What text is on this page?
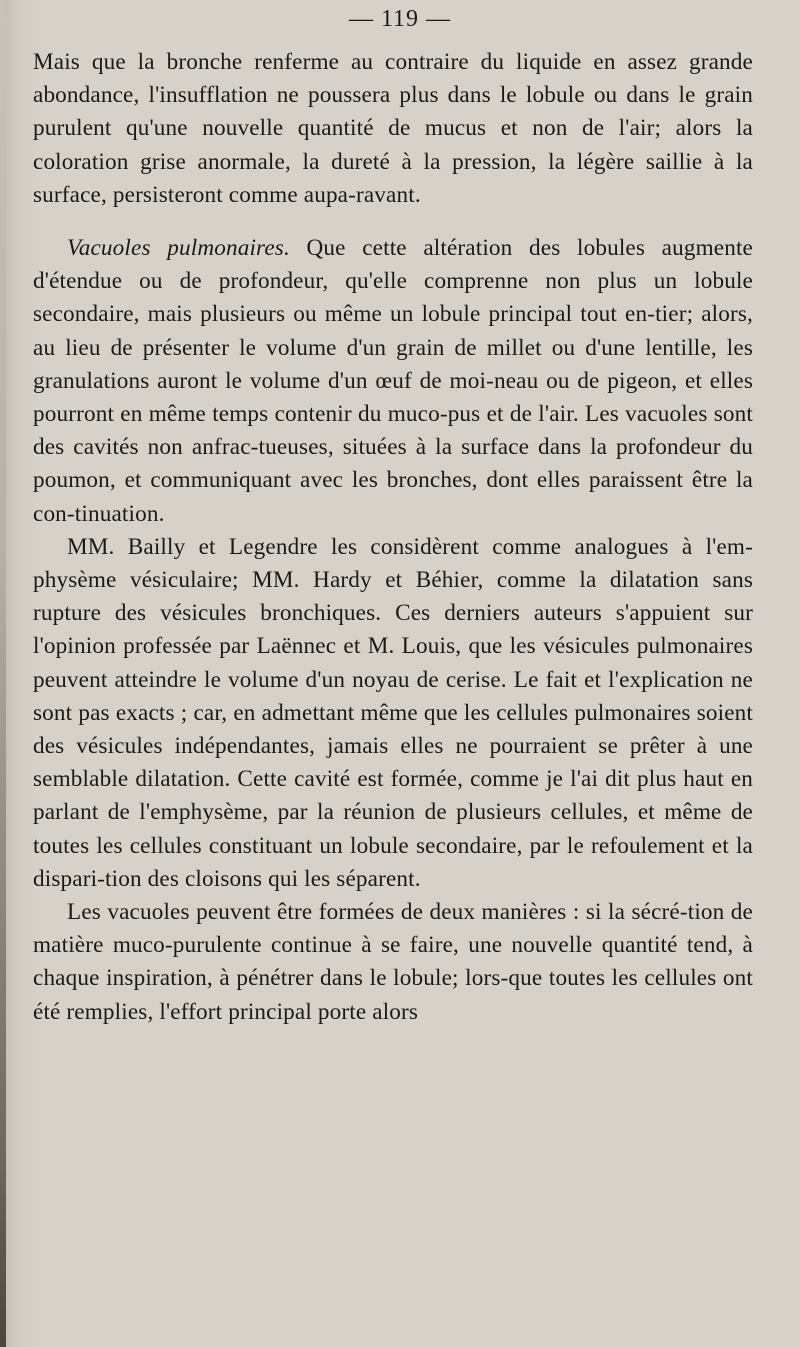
— 119 —

Mais que la bronche renferme au contraire du liquide en assez grande abondance, l'insufflation ne poussera plus dans le lobule ou dans le grain purulent qu'une nouvelle quantité de mucus et non de l'air; alors la coloration grise anormale, la dureté à la pression, la légère saillie à la surface, persisteront comme aupa-ravant.

Vacuoles pulmonaires. Que cette altération des lobules augmente d'étendue ou de profondeur, qu'elle comprenne non plus un lobule secondaire, mais plusieurs ou même un lobule principal tout en-tier; alors, au lieu de présenter le volume d'un grain de millet ou d'une lentille, les granulations auront le volume d'un œuf de moi-neau ou de pigeon, et elles pourront en même temps contenir du muco-pus et de l'air. Les vacuoles sont des cavités non anfrac-tueuses, situées à la surface dans la profondeur du poumon, et communiquant avec les bronches, dont elles paraissent être la con-tinuation.

MM. Bailly et Legendre les considèrent comme analogues à l'em-physème vésiculaire; MM. Hardy et Béhier, comme la dilatation sans rupture des vésicules bronchiques. Ces derniers auteurs s'appuient sur l'opinion professée par Laënnec et M. Louis, que les vésicules pulmonaires peuvent atteindre le volume d'un noyau de cerise. Le fait et l'explication ne sont pas exacts ; car, en admettant même que les cellules pulmonaires soient des vésicules indépendantes, jamais elles ne pourraient se prêter à une semblable dilatation. Cette cavité est formée, comme je l'ai dit plus haut en parlant de l'emphysème, par la réunion de plusieurs cellules, et même de toutes les cellules constituant un lobule secondaire, par le refoulement et la dispari-tion des cloisons qui les séparent.

Les vacuoles peuvent être formées de deux manières : si la sécré-tion de matière muco-purulente continue à se faire, une nouvelle quantité tend, à chaque inspiration, à pénétrer dans le lobule; lors-que toutes les cellules ont été remplies, l'effort principal porte alors
